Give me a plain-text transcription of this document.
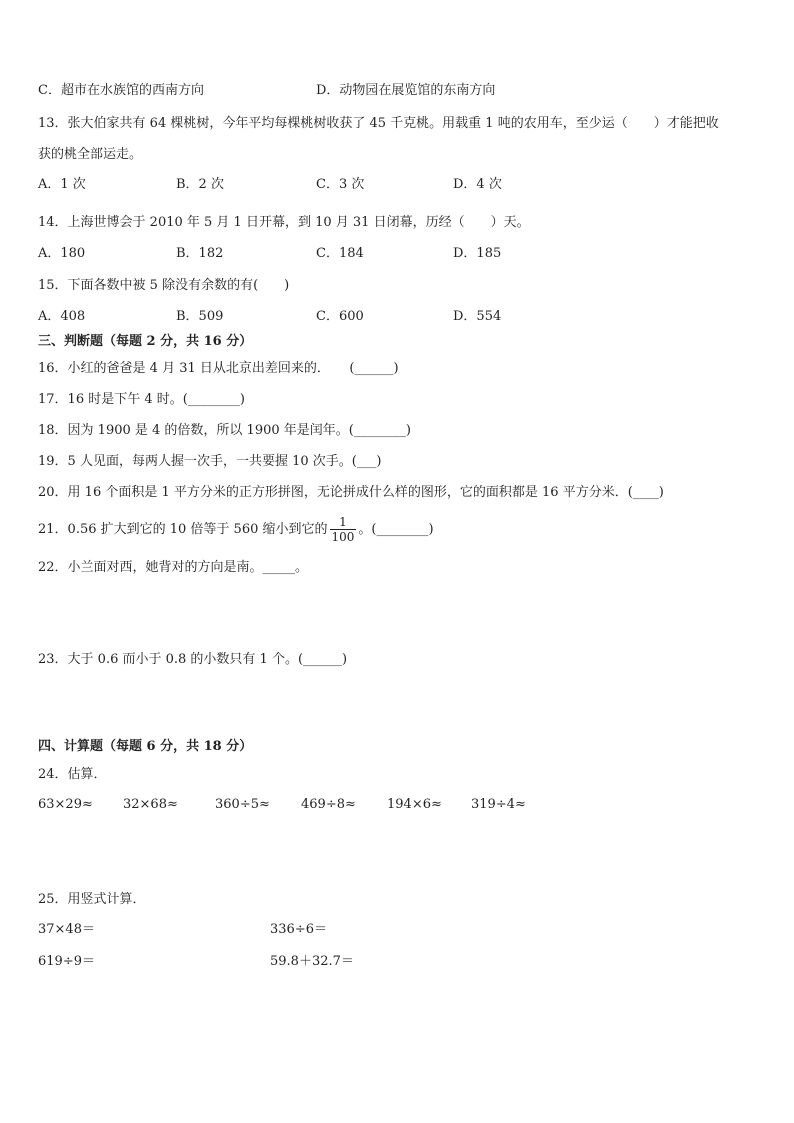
C．超市在水族馆的西南方向	D．动物园在展览馆的东南方向
13．张大伯家共有 64 棵桃树，今年平均每棵桃树收获了 45 千克桃。用载重 1 吨的农用车，至少运（　　）才能把收
获的桃全部运走。
A．1 次	B．2 次	C．3 次	D．4 次
14．上海世博会于 2010 年 5 月 1 日开幕，到 10 月 31 日闭幕，历经（　　）天。
A．180	B．182	C．184	D．185
15．下面各数中被 5 除没有余数的有(　　)
A．408	B．509	C．600	D．554
三、判断题（每题 2 分，共 16 分）
16．小红的爸爸是 4 月 31 日从北京出差回来的．　　(______)
17．16 时是下午 4 时。(________)
18．因为 1900 是 4 的倍数，所以 1900 年是闰年。(________)
19．5 人见面，每两人握一次手，一共要握 10 次手。(___)
20．用 16 个面积是 1 平方分米的正方形拼图，无论拼成什么样的图形，它的面积都是 16 平方分米．(____)
21．0.56 扩大到它的 10 倍等于 560 缩小到它的 $\frac{1}{100}$ 。(________)
22．小兰面对西，她背对的方向是南。_____。
23．大于 0.6 而小于 0.8 的小数只有 1 个。(______)
四、计算题（每题 6 分，共 18 分）
24．估算．
63×29≈ 32×68≈	360÷5≈ 469÷8≈ 194×6≈ 319÷4≈
25．用竖式计算．
37×48＝	336÷6＝
619÷9＝	59.8＋32.7＝
